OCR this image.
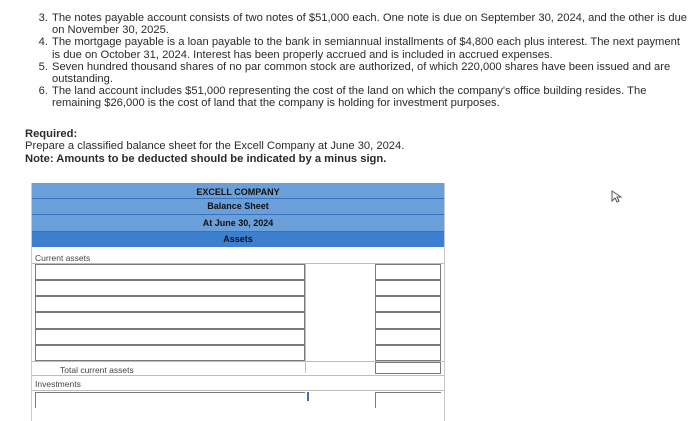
3. The notes payable account consists of two notes of $51,000 each. One note is due on September 30, 2024, and the other is due
on November 30, 2025.
4. The mortgage payable is a loan payable to the bank in semiannual installments of $4,800 each plus interest. The next payment
is due on October 31, 2024. Interest has been properly accrued and is included in accrued expenses.
5. Seven hundred thousand shares of no par common stock are authorized, of which 220,000 shares have been issued and are
outstanding.
6. The land account includes $51,000 representing the cost of the land on which the company's office building resides. The
remaining $26,000 is the cost of land that the company is holding for investment purposes.
Required:
Prepare a classified balance sheet for the Excell Company at June 30, 2024.
Note: Amounts to be deducted should be indicated by a minus sign.
EXCELL COMPANY
Balance Sheet
At June 30, 2024
Assets
Current assets
Total current assets
Investments
